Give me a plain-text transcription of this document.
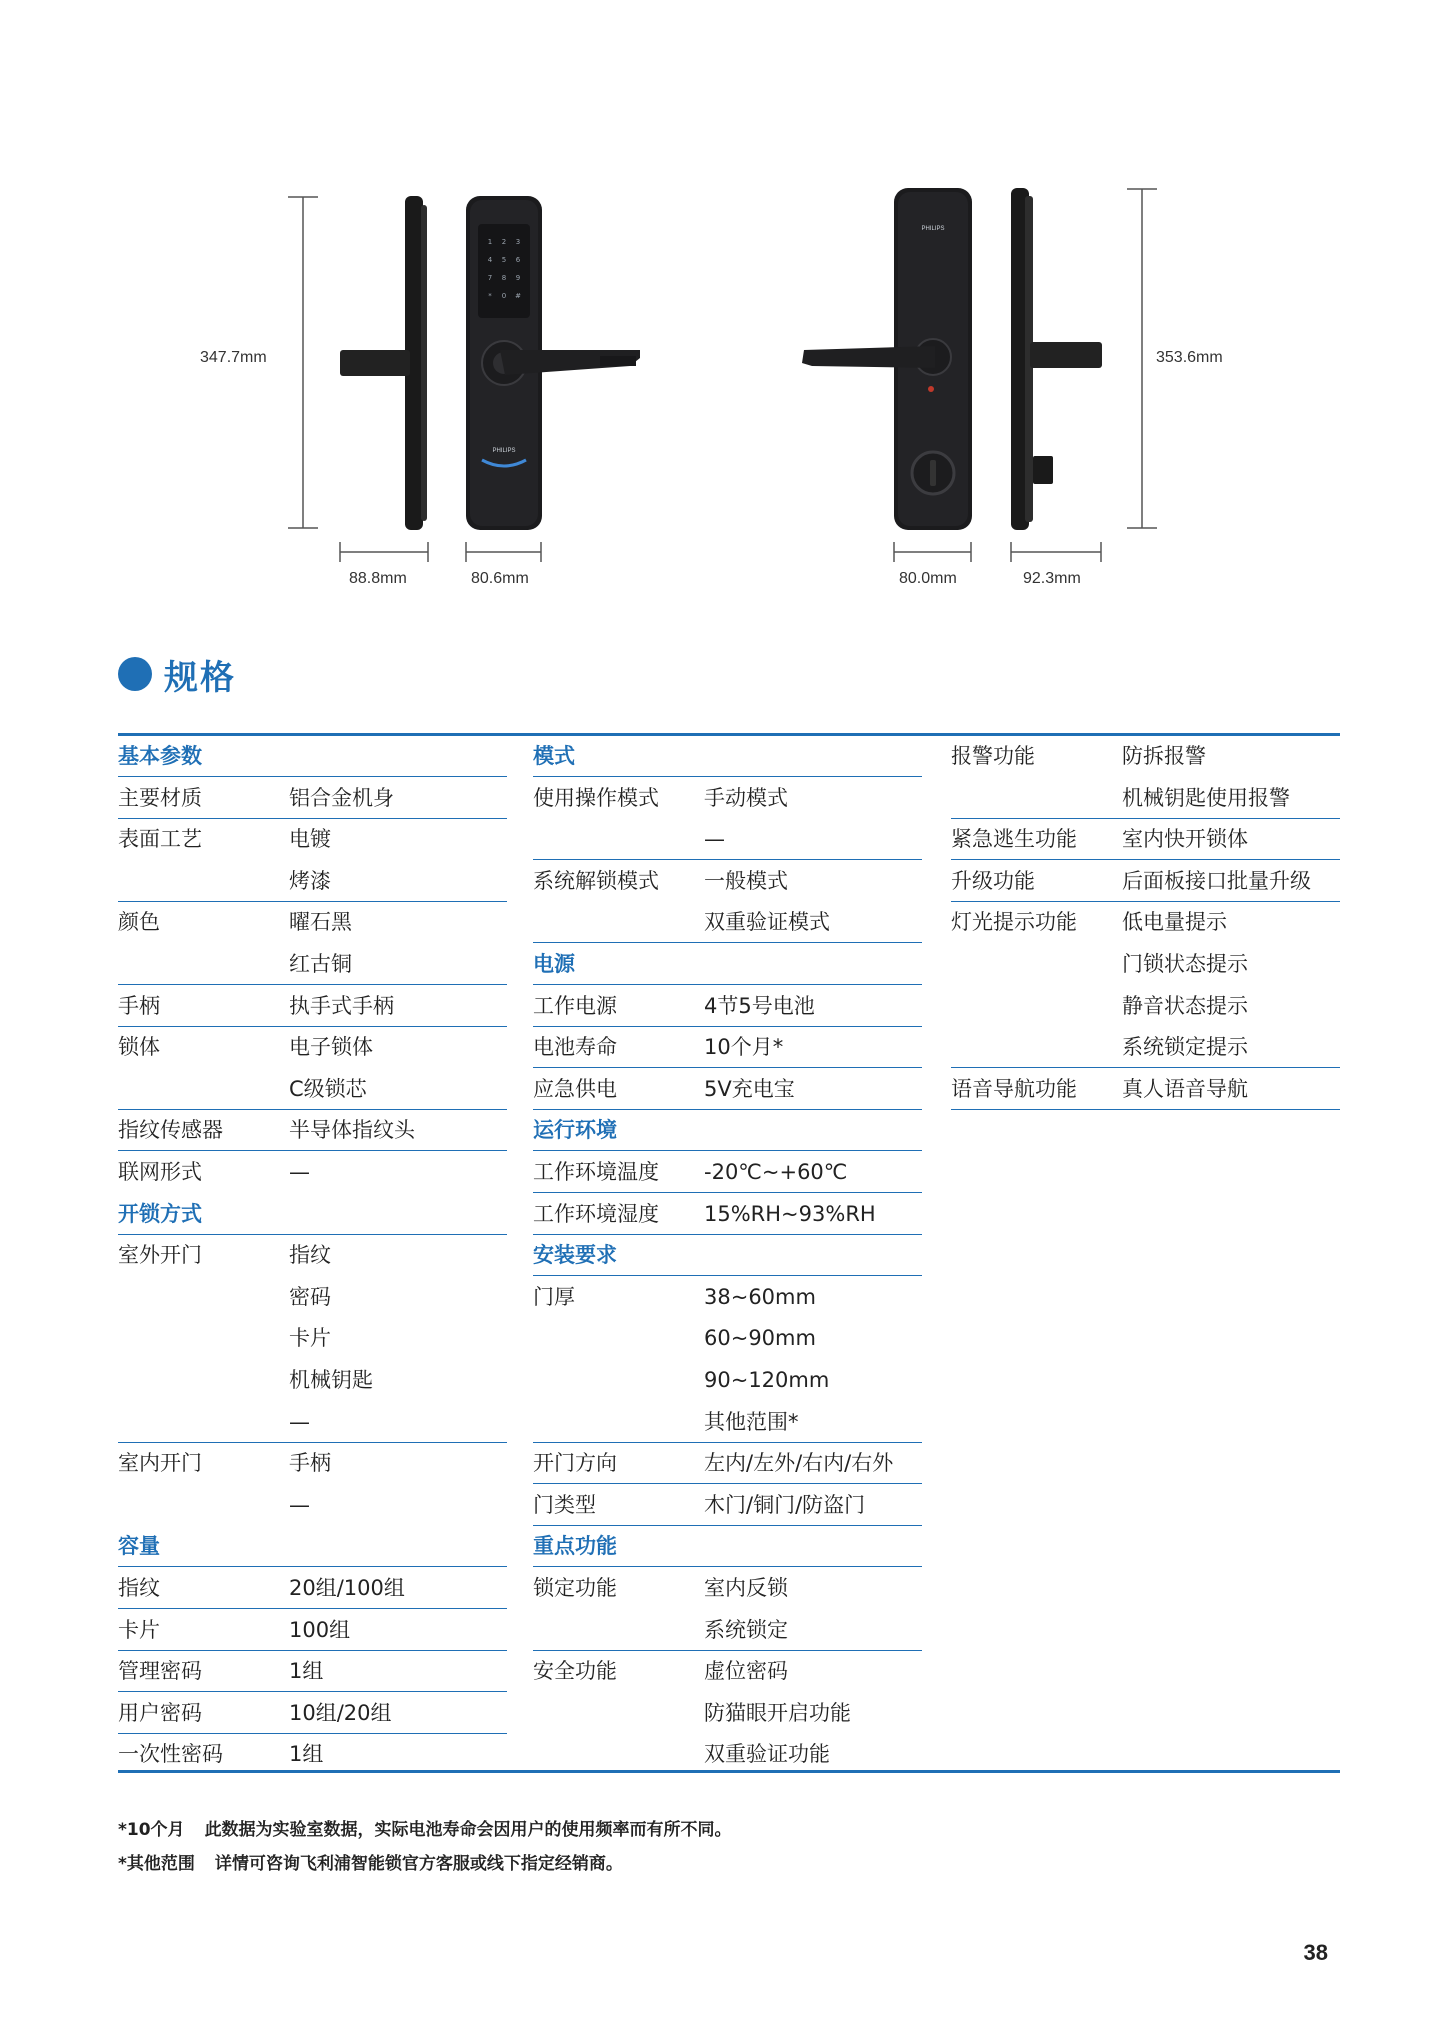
1 2 3
4 5 6
7 8 9
* 0 #
PHILIPS
PHILIPS
347.7mm
88.8mm	80.6mm
353.6mm
80.0mm	92.3mm
规格
基本参数
主要材质	铝合金机身
表面工艺	电镀
烤漆
颜色	曜石黑
红古铜
手柄	执手式手柄
锁体	电子锁体
C级锁芯
指纹传感器	半导体指纹头
联网形式	—
开锁方式
室外开门	指纹
密码
卡片
机械钥匙
—
室内开门	手柄
—
容量
指纹	20组/100组
卡片	100组
管理密码	1组
用户密码	10组/20组
一次性密码	1组
模式
使用操作模式 手动模式
—
系统解锁模式 一般模式
双重验证模式
电源
工作电源	4节5号电池
电池寿命	10个月*
应急供电	5V充电宝
运行环境
工作环境温度 -20℃~+60℃
工作环境湿度 15%RH~93%RH
安装要求
门厚	38~60mm
60~90mm
90~120mm
其他范围*
开门方向	左内/左外/右内/右外
门类型	木门/铜门/防盗门
重点功能
锁定功能	室内反锁
系统锁定
安全功能	虚位密码
防猫眼开启功能
双重验证功能
报警功能	防拆报警
机械钥匙使用报警
紧急逃生功能 室内快开锁体
升级功能	后面板接口批量升级
灯光提示功能 低电量提示
门锁状态提示
静音状态提示
系统锁定提示
语音导航功能 真人语音导航
*10个月 此数据为实验室数据，实际电池寿命会因用户的使用频率而有所不同。
*其他范围 详情可咨询飞利浦智能锁官方客服或线下指定经销商。
38
